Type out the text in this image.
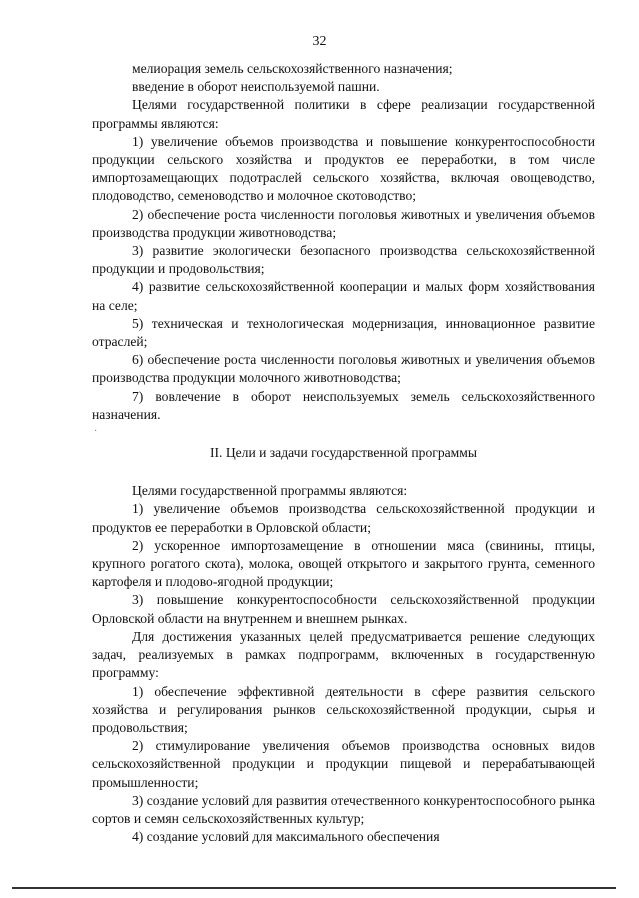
32

мелиорация земель сельскохозяйственного назначения;

введение в оборот неиспользуемой пашни.

Целями государственной политики в сфере реализации государственной программы являются:

1) увеличение объемов производства и повышение конкурентоспособности продукции сельского хозяйства и продуктов ее переработки, в том числе импортозамещающих подотраслей сельского хозяйства, включая овощеводство, плодоводство, семеноводство и молочное скотоводство;

2) обеспечение роста численности поголовья животных и увеличения объемов производства продукции животноводства;

3) развитие экологически безопасного производства сельскохозяйственной продукции и продовольствия;

4) развитие сельскохозяйственной кооперации и малых форм хозяйствования на селе;

5) техническая и технологическая модернизация, инновационное развитие отраслей;

6) обеспечение роста численности поголовья животных и увеличения объемов производства продукции молочного животноводства;

7) вовлечение в оборот неиспользуемых земель сельскохозяйственного назначения.

II. Цели и задачи государственной программы

Целями государственной программы являются:

1) увеличение объемов производства сельскохозяйственной продукции и продуктов ее переработки в Орловской области;

2) ускоренное импортозамещение в отношении мяса (свинины, птицы, крупного рогатого скота), молока, овощей открытого и закрытого грунта, семенного картофеля и плодово-ягодной продукции;

3) повышение конкурентоспособности сельскохозяйственной продукции Орловской области на внутреннем и внешнем рынках.

Для достижения указанных целей предусматривается решение следующих задач, реализуемых в рамках подпрограмм, включенных в государственную программу:

1) обеспечение эффективной деятельности в сфере развития сельского хозяйства и регулирования рынков сельскохозяйственной продукции, сырья и продовольствия;

2) стимулирование увеличения объемов производства основных видов сельскохозяйственной продукции и продукции пищевой и перерабатывающей промышленности;

3) создание условий для развития отечественного конкурентоспособного рынка сортов и семян сельскохозяйственных культур;

4) создание условий для максимального обеспечения

·
